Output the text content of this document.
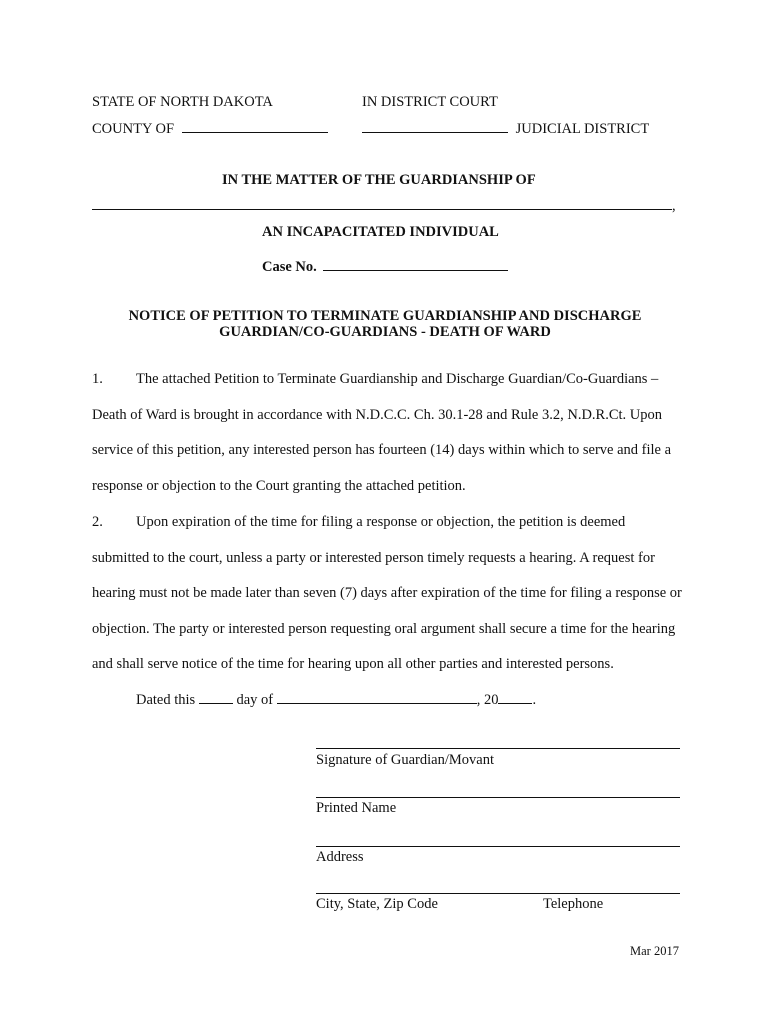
STATE OF NORTH DAKOTA	IN DISTRICT COURT
COUNTY OF	JUDICIAL DISTRICT
IN THE MATTER OF THE GUARDIANSHIP OF
,
AN INCAPACITATED INDIVIDUAL
Case No.
NOTICE OF PETITION TO TERMINATE GUARDIANSHIP AND DISCHARGE
GUARDIAN/CO-GUARDIANS - DEATH OF WARD
1. The attached Petition to Terminate Guardianship and Discharge Guardian/Co-Guardians – Death of Ward is brought in accordance with N.D.C.C. Ch. 30.1-28 and Rule 3.2, N.D.R.Ct. Upon service of this petition, any interested person has fourteen (14) days within which to serve and file a response or objection to the Court granting the attached petition.
2. Upon expiration of the time for filing a response or objection, the petition is deemed submitted to the court, unless a party or interested person timely requests a hearing. A request for hearing must not be made later than seven (7) days after expiration of the time for filing a response or objection. The party or interested person requesting oral argument shall secure a time for the hearing and shall serve notice of the time for hearing upon all other parties and interested persons.
Dated this	day of	, 20 .
Signature of Guardian/Movant
Printed Name
Address
City, State, Zip Code	Telephone
Mar 2017
